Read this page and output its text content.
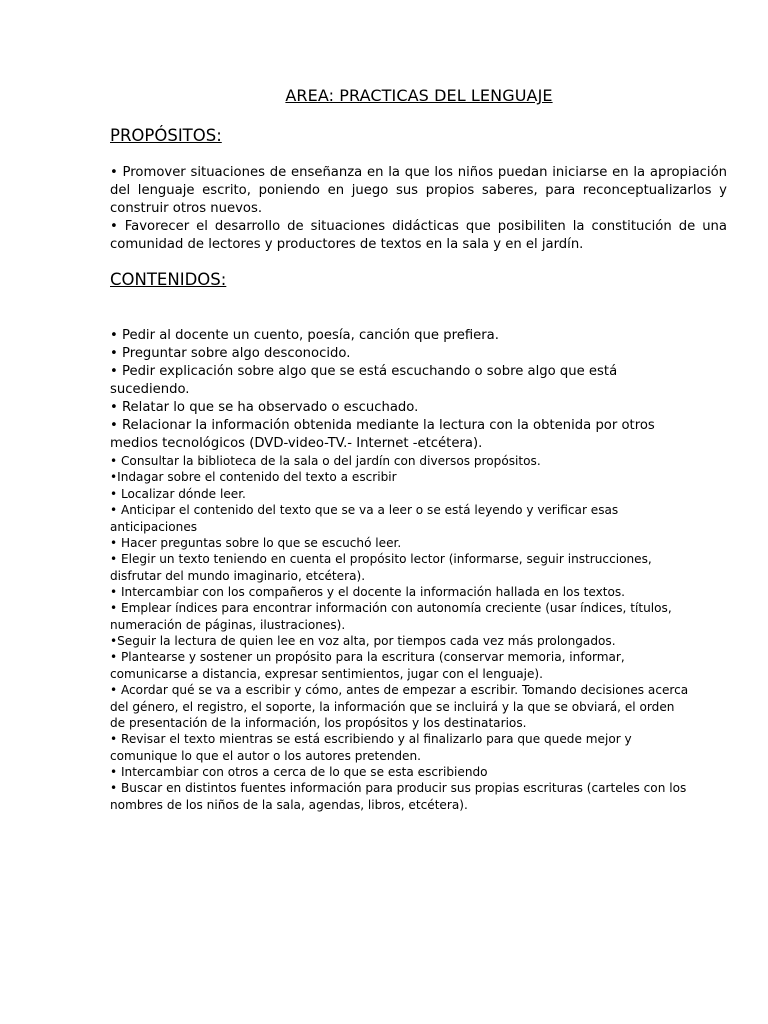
AREA: PRACTICAS DEL LENGUAJE
PROPÓSITOS:

• Promover situaciones de enseñanza en la que los niños puedan iniciarse en la apropiación del lenguaje escrito, poniendo en juego sus propios saberes, para reconceptualizarlos y construir otros nuevos.

• Favorecer el desarrollo de situaciones didácticas que posibiliten la constitución de una comunidad de lectores y productores de textos en la sala y en el jardín.

CONTENIDOS:
• Pedir al docente un cuento, poesía, canción que prefiera.
• Preguntar sobre algo desconocido.
• Pedir explicación sobre algo que se está escuchando o sobre algo que está
sucediendo.
• Relatar lo que se ha observado o escuchado.
• Relacionar la información obtenida mediante la lectura con la obtenida por otros
medios tecnológicos (DVD-video-TV.- Internet -etcétera).
• Consultar la biblioteca de la sala o del jardín con diversos propósitos.
•Indagar sobre el contenido del texto a escribir
• Localizar dónde leer.
• Anticipar el contenido del texto que se va a leer o se está leyendo y verificar esas
anticipaciones
• Hacer preguntas sobre lo que se escuchó leer.
• Elegir un texto teniendo en cuenta el propósito lector (informarse, seguir instrucciones,
disfrutar del mundo imaginario, etcétera).
• Intercambiar con los compañeros y el docente la información hallada en los textos.
• Emplear índices para encontrar información con autonomía creciente (usar índices, títulos,
numeración de páginas, ilustraciones).
•Seguir la lectura de quien lee en voz alta, por tiempos cada vez más prolongados.
• Plantearse y sostener un propósito para la escritura (conservar memoria, informar,
comunicarse a distancia, expresar sentimientos, jugar con el lenguaje).
• Acordar qué se va a escribir y cómo, antes de empezar a escribir. Tomando decisiones acerca
del género, el registro, el soporte, la información que se incluirá y la que se obviará, el orden
de presentación de la información, los propósitos y los destinatarios.
• Revisar el texto mientras se está escribiendo y al finalizarlo para que quede mejor y
comunique lo que el autor o los autores pretenden.
• Intercambiar con otros a cerca de lo que se esta escribiendo
• Buscar en distintos fuentes información para producir sus propias escrituras (carteles con los
nombres de los niños de la sala, agendas, libros, etcétera).
